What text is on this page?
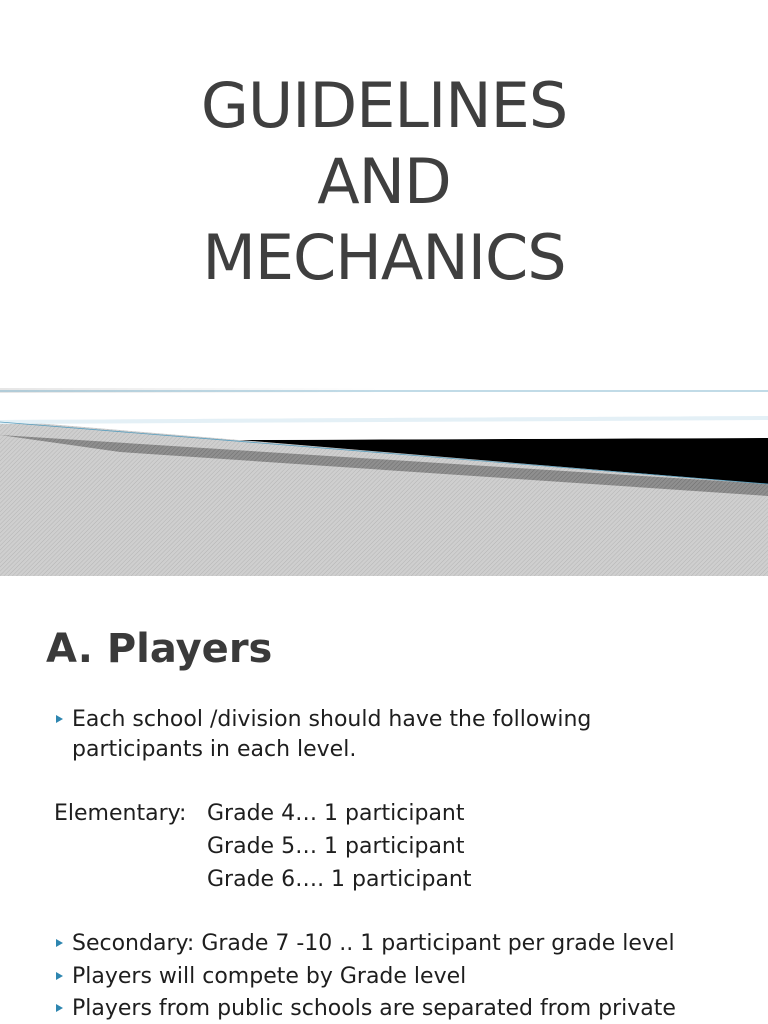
GUIDELINES
AND
MECHANICS
A. Players
Each school /division should have the following
participants in each level.
Elementary: Grade 4… 1 participant
Grade 5… 1 participant
Grade 6…. 1 participant
Secondary: Grade 7 -10 .. 1 participant per grade level
Players will compete by Grade level
Players from public schools are separated from private
